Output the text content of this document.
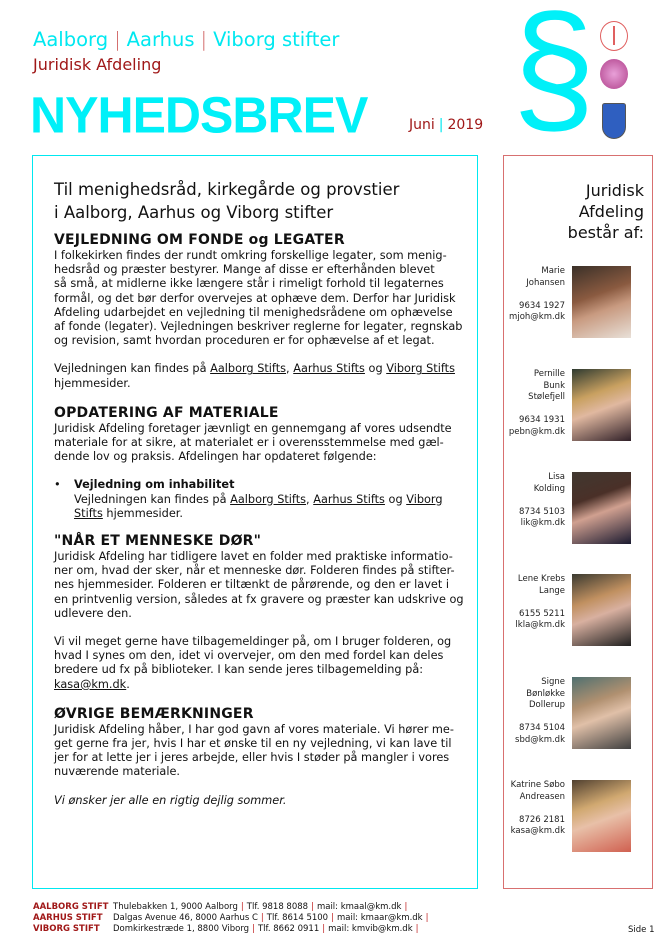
Aalborg | Aarhus | Viborg stifter
Juridisk Afdeling
NYHEDSBREV	Juni | 2019 §
Til menighedsråd, kirkegårde og provstier
i Aalborg, Aarhus og Viborg stifter
VEJLEDNING OM FONDE og LEGATER

I folkekirken findes der rundt omkring forskellige legater, som menig-
hedsråd og præster bestyrer. Mange af disse er efterhånden blevet
så små, at midlerne ikke længere står i rimeligt forhold til legaternes
formål, og det bør derfor overvejes at ophæve dem. Derfor har Juridisk
Afdeling udarbejdet en vejledning til menighedsrådene om ophævelse
af fonde (legater). Vejledningen beskriver reglerne for legater, regnskab
og revision, samt hvordan proceduren er for ophævelse af et legat.

Vejledningen kan findes på Aalborg Stifts, Aarhus Stifts og Viborg Stifts
hjemmesider.

OPDATERING AF MATERIALE

Juridisk Afdeling foretager jævnligt en gennemgang af vores udsendte
materiale for at sikre, at materialet er i overensstemmelse med gæl-
dende lov og praksis. Afdelingen har opdateret følgende:

• Vejledning om inhabilitet
Vejledningen kan findes på Aalborg Stifts, Aarhus Stifts og Viborg Stifts hjemmesider.
"NÅR ET MENNESKE DØR"

Juridisk Afdeling har tidligere lavet en folder med praktiske informatio-
ner om, hvad der sker, når et menneske dør. Folderen findes på stifter-
nes hjemmesider. Folderen er tiltænkt de pårørende, og den er lavet i
en printvenlig version, således at fx gravere og præster kan udskrive og
udlevere den.

Vi vil meget gerne have tilbagemeldinger på, om I bruger folderen, og
hvad I synes om den, idet vi overvejer, om den med fordel kan deles
bredere ud fx på biblioteker. I kan sende jeres tilbagemelding på:
kasa@km.dk.

ØVRIGE BEMÆRKNINGER

Juridisk Afdeling håber, I har god gavn af vores materiale. Vi hører me-
get gerne fra jer, hvis I har et ønske til en ny vejledning, vi kan lave til
jer for at lette jer i jeres arbejde, eller hvis I støder på mangler i vores
nuværende materiale.

Vi ønsker jer alle en rigtig dejlig sommer.

Juridisk
Afdeling
består af:
Marie
Johansen

9634 1927
mjoh@km.dk
Pernille
Bunk
Stølefjell

9634 1931
pebn@km.dk
Lisa
Kolding

8734 5103
lik@km.dk
Lene Krebs
Lange

6155 5211
lkla@km.dk
Signe
Bønløkke
Dollerup

8734 5104
sbd@km.dk
Katrine Søbo
Andreasen

8726 2181
kasa@km.dk
AALBORG STIFT Thulebakken 1, 9000 Aalborg | Tlf. 9818 8088 | mail: kmaal@km.dk |
AARHUS STIFT Dalgas Avenue 46, 8000 Aarhus C | Tlf. 8614 5100 | mail: kmaar@km.dk |
VIBORG STIFT Domkirkestræde 1, 8800 Viborg | Tlf. 8662 0911 | mail: kmvib@km.dk |	Side 1
